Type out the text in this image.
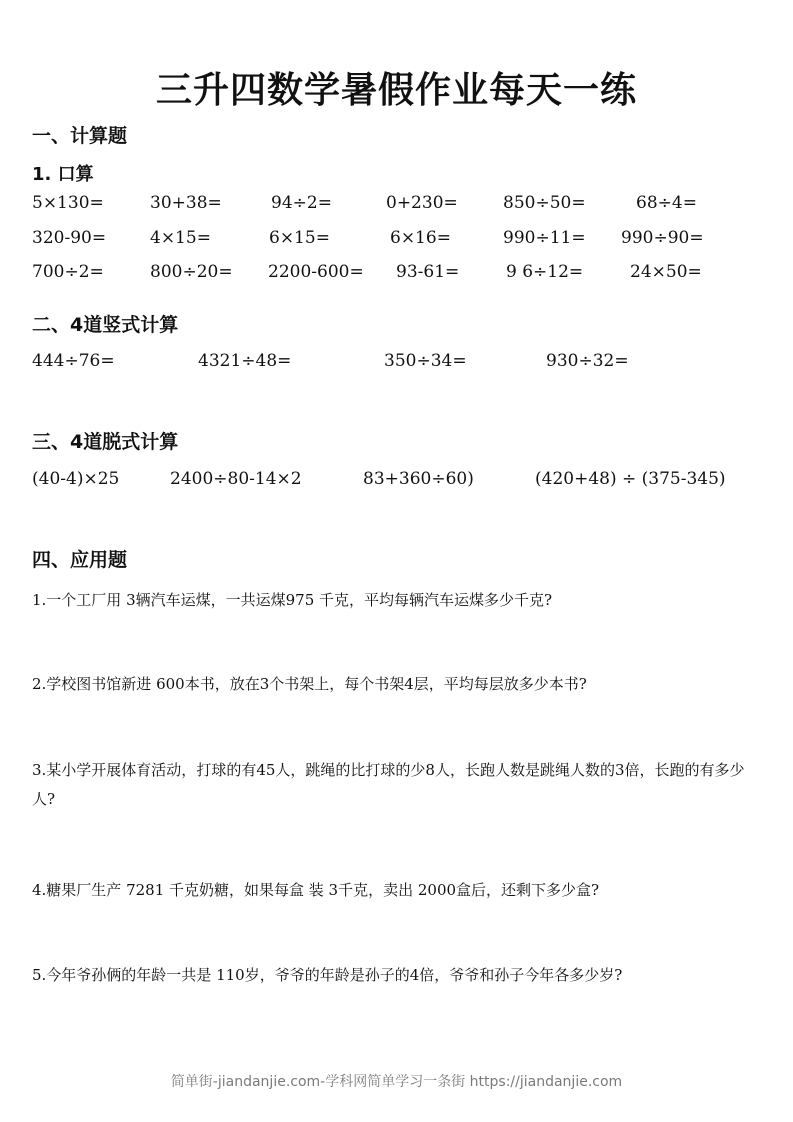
三升四数学暑假作业每天一练
一、计算题
1. 口算
5×130=	30+38=	94÷2=	0+230=	850÷50=	68÷4=
320-90=	4×15=	6×15=	6×16=	990÷11= 990÷90=
700÷2=	800÷20= 2200-600= 93-61=	9 6÷12=	24×50=
二、4道竖式计算
444÷76=	4321÷48=	350÷34=	930÷32=
三、4道脱式计算
(40-4)×25	2400÷80-14×2	83+360÷60)	(420+48) ÷ (375-345)
四、应用题
1.一个工厂用 3辆汽车运煤，一共运煤975 千克，平均每辆汽车运煤多少千克?
2.学校图书馆新进 600本书，放在3个书架上，每个书架4层，平均每层放多少本书?
3.某小学开展体育活动，打球的有45人，跳绳的比打球的少8人，长跑人数是跳绳人数的3倍，长跑的有多少人?
4.糖果厂生产 7281 千克奶糖，如果每盒 装 3千克，卖出 2000盒后，还剩下多少盒?
5.今年爷孙俩的年龄一共是 110岁，爷爷的年龄是孙子的4倍，爷爷和孙子今年各多少岁?
简单街-jiandanjie.com-学科网简单学习一条街 https://jiandanjie.com
